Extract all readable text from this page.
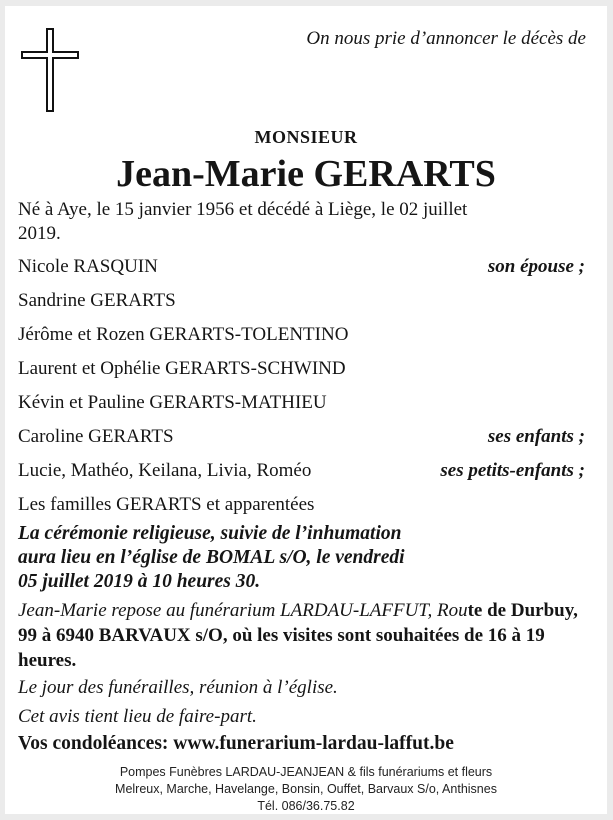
On nous prie d’annoncer le décès de
MONSIEUR
Jean-Marie GERARTS
Né à Aye, le 15 janvier 1956 et décédé à Liège, le 02 juillet 2019.
Nicole RASQUIN	son épouse ;
Sandrine GERARTS
Jérôme et Rozen GERARTS-TOLENTINO
Laurent et Ophélie GERARTS-SCHWIND
Kévin et Pauline GERARTS-MATHIEU
Caroline GERARTS	ses enfants ;
Lucie, Mathéo, Keilana, Livia, Roméo	ses petits-enfants ;
Les familles GERARTS et apparentées
La cérémonie religieuse, suivie de l’inhumation
aura lieu en l’église de BOMAL s/O, le vendredi
05 juillet 2019 à 10 heures 30.
Jean-Marie repose au funérarium LARDAU-LAFFUT, Route de Durbuy, 99 à 6940 BARVAUX s/O, où les visites sont souhaitées de 16 à 19 heures.
Le jour des funérailles, réunion à l’église.
Cet avis tient lieu de faire-part.
Vos condoléances: www.funerarium-lardau-laffut.be
Pompes Funèbres LARDAU-JEANJEAN & fils funérariums et fleurs
Melreux, Marche, Havelange, Bonsin, Ouffet, Barvaux S/o, Anthisnes
Tél. 086/36.75.82
